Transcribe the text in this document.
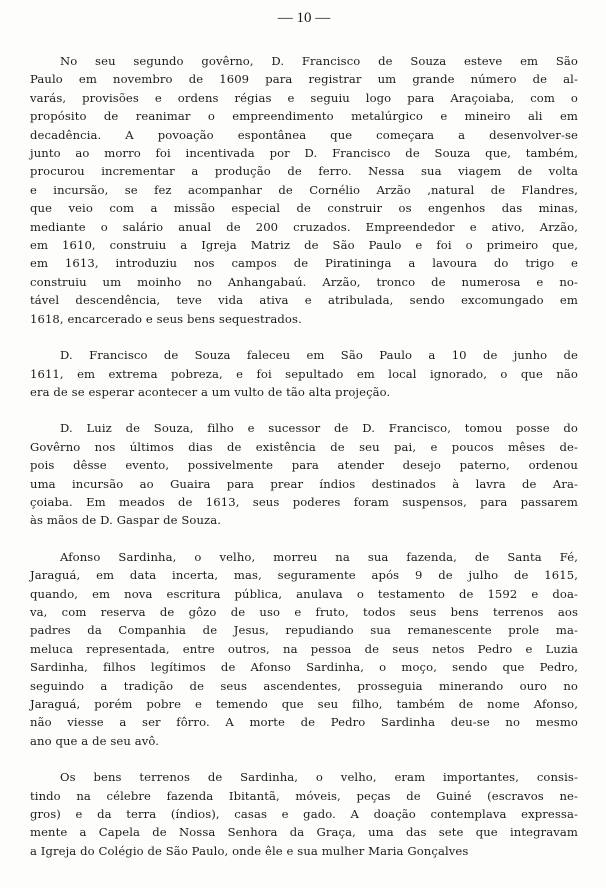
— 10 —

No seu segundo govêrno, D. Francisco de Souza esteve em São
Paulo em novembro de 1609 para registrar um grande número de al-
varás, provisões e ordens régias e seguiu logo para Araçoiaba, com o
propósito de reanimar o empreendimento metalúrgico e mineiro ali em
decadência. A povoação espontânea que começara a desenvolver-se
junto ao morro foi incentivada por D. Francisco de Souza que, também,
procurou incrementar a produção de ferro. Nessa sua viagem de volta
e incursão, se fez acompanhar de Cornélio Arzão ,natural de Flandres,
que veio com a missão especial de construir os engenhos das minas,
mediante o salário anual de 200 cruzados. Empreendedor e ativo, Arzão,
em 1610, construiu a Igreja Matriz de São Paulo e foi o primeiro que,
em 1613, introduziu nos campos de Piratininga a lavoura do trigo e
construiu um moinho no Anhangabaú. Arzão, tronco de numerosa e no-
tável descendência, teve vida ativa e atribulada, sendo excomungado em
1618, encarcerado e seus bens sequestrados.

D. Francisco de Souza faleceu em São Paulo a 10 de junho de
1611, em extrema pobreza, e foi sepultado em local ignorado, o que não
era de se esperar acontecer a um vulto de tão alta projeção.

D. Luiz de Souza, filho e sucessor de D. Francisco, tomou posse do
Govêrno nos últimos dias de existência de seu pai, e poucos mêses de-
pois dêsse evento, possivelmente para atender desejo paterno, ordenou
uma incursão ao Guaira para prear índios destinados à lavra de Ara-
çoiaba. Em meados de 1613, seus poderes foram suspensos, para passarem
às mãos de D. Gaspar de Souza.

Afonso Sardinha, o velho, morreu na sua fazenda, de Santa Fé,
Jaraguá, em data incerta, mas, seguramente após 9 de julho de 1615,
quando, em nova escritura pública, anulava o testamento de 1592 e doa-
va, com reserva de gôzo de uso e fruto, todos seus bens terrenos aos
padres da Companhia de Jesus, repudiando sua remanescente prole ma-
meluca representada, entre outros, na pessoa de seus netos Pedro e Luzia
Sardinha, filhos legítimos de Afonso Sardinha, o moço, sendo que Pedro,
seguindo a tradição de seus ascendentes, prosseguia minerando ouro no
Jaraguá, porém pobre e temendo que seu filho, também de nome Afonso,
não viesse a ser fôrro. A morte de Pedro Sardinha deu-se no mesmo
ano que a de seu avô.

Os bens terrenos de Sardinha, o velho, eram importantes, consis-
tindo na célebre fazenda Ibitantã, móveis, peças de Guiné (escravos ne-
gros) e da terra (índios), casas e gado. A doação contemplava expressa-
mente a Capela de Nossa Senhora da Graça, uma das sete que integravam
a Igreja do Colégio de São Paulo, onde êle e sua mulher Maria Gonçalves
